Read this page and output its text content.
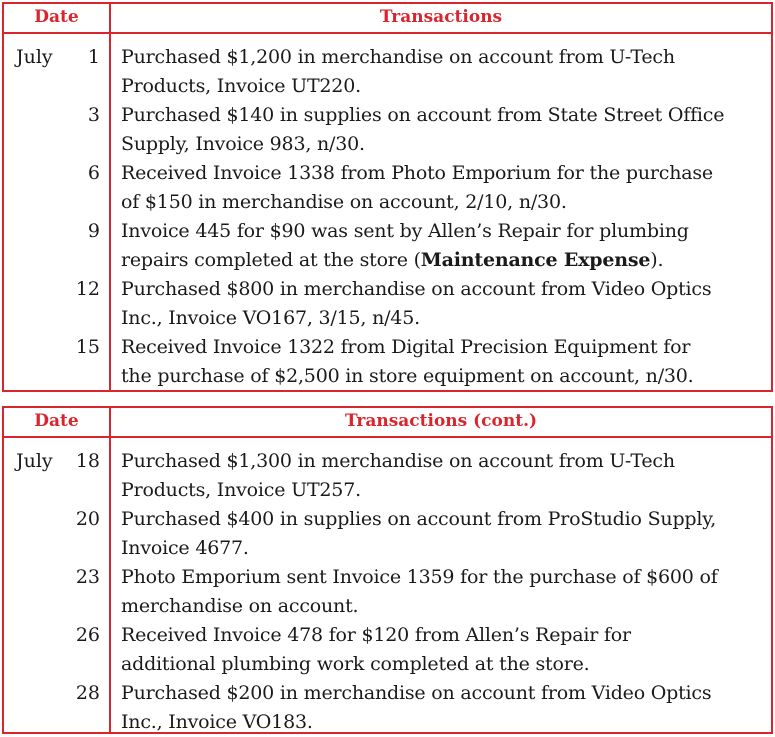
Date	Transactions
July	1 Purchased $1,200 in merchandise on account from U-Tech
Products, Invoice UT220.
3 Purchased $140 in supplies on account from State Street Office
Supply, Invoice 983, n/30.
6 Received Invoice 1338 from Photo Emporium for the purchase
of $150 in merchandise on account, 2/10, n/30.
9 Invoice 445 for $90 was sent by Allen’s Repair for plumbing
repairs completed at the store (Maintenance Expense).
12 Purchased $800 in merchandise on account from Video Optics
Inc., Invoice VO167, 3/15, n/45.
15 Received Invoice 1322 from Digital Precision Equipment for
the purchase of $2,500 in store equipment on account, n/30.
Date	Transactions (cont.)
July	18 Purchased $1,300 in merchandise on account from U-Tech
Products, Invoice UT257.
20 Purchased $400 in supplies on account from ProStudio Supply,
Invoice 4677.
23 Photo Emporium sent Invoice 1359 for the purchase of $600 of
merchandise on account.
26 Received Invoice 478 for $120 from Allen’s Repair for
additional plumbing work completed at the store.
28 Purchased $200 in merchandise on account from Video Optics
Inc., Invoice VO183.
